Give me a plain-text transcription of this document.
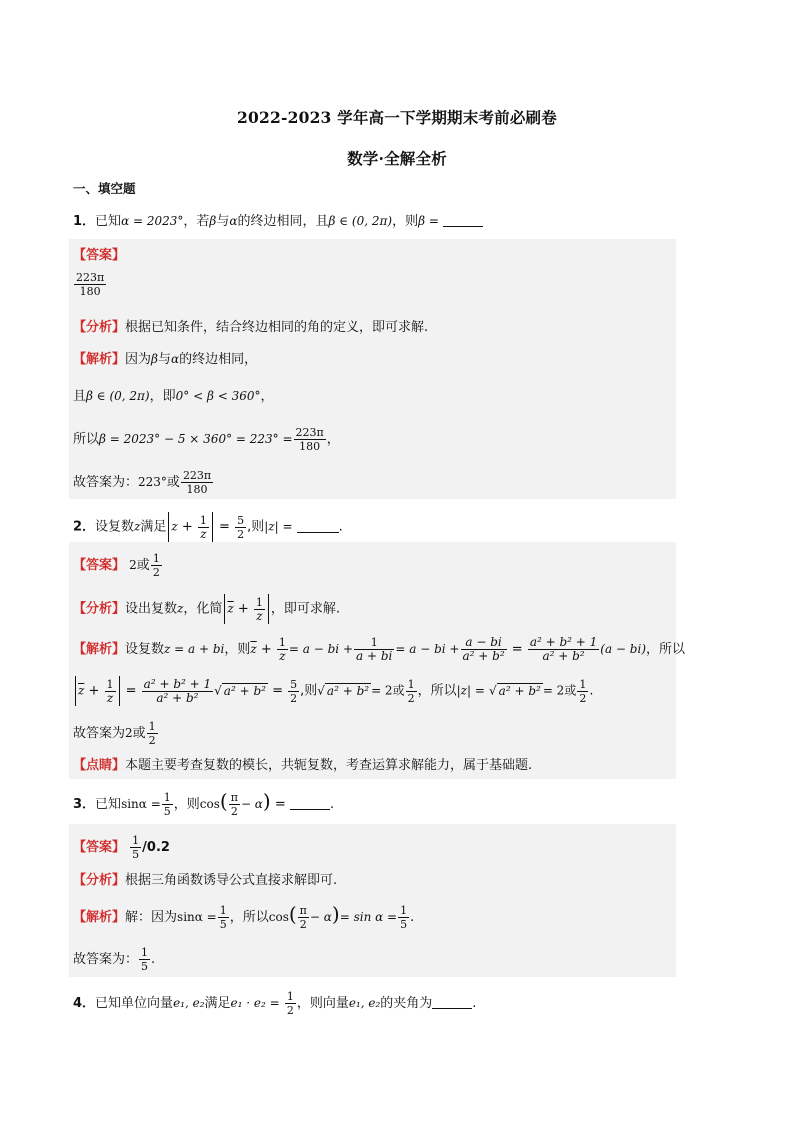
2022-2023 学年高一下学期期末考前必刷卷
数学·全解全析
一、填空题
1．已知α = 2023°，若β与α的终边相同，且β ∈ (0, 2π)，则β =
【答案】
$\frac{223\pi}{180}$
【分析】根据已知条件，结合终边相同的角的定义，即可求解.
【解析】因为β与α的终边相同，
且β ∈ (0, 2π)，即0° < β < 360°，
所以$\beta = 2023^\circ - 5 \times 360^\circ = 223^\circ = \frac{223\pi}{180}$ ，
故答案为：223°或 $\frac{223\pi}{180}$
2．设复数z满足 $z + \frac{1}{z} = \frac{5}{2}$ ,则|z| =	.
【答案】 2或 $\frac{1}{2}$
【分析】设出复数z，化简 $\overline{z} + \frac{1}{z}$ ，即可求解.
【解析】设复数z = a + bi，则$\overline{z} + \frac{1}{z} = a$ − bi + $\frac{1}{a + bi} = a$ − bi + $\frac{a - bi}{\text{a² + b²}} = \frac{\text{a² + b² + 1}}{\text{a² + b²}} (a - bi)$，所以
$\overline{z} + \frac{1}{z} = \frac{\text{a² + b² + 1}}{\text{a² + b²}}$ √ $a^2 + b^2 = \frac{5}{2}$ ,则√ a² + b² = 2或 $\frac{1}{2}$ ，所以|z| = √ a² + b² = 2或 $\frac{1}{2}$ .
故答案为2或 $\frac{1}{2}$
【点睛】本题主要考查复数的模长，共轭复数，考查运算求解能力，属于基础题.
3．已知$\sin\alpha = \frac{1}{5}$ ，则$\cos( \frac{\pi}{2} - \alpha)$ =	.
【答案】 $\frac{1}{5} /0.2$
【分析】根据三角函数诱导公式直接求解即可.
【解析】解：因为$\sin\alpha = \frac{1}{5}$ ，所以$\cos( \frac{\pi}{2} - \alpha)= \sin \alpha = \frac{1}{5}$ .
故答案为： $\frac{1}{5}$ .
4．已知单位向量e₁, e₂满足$e_1 \cdot e_2 = \frac{1}{2}$ ，则向量e₁, e₂的夹角为	.
